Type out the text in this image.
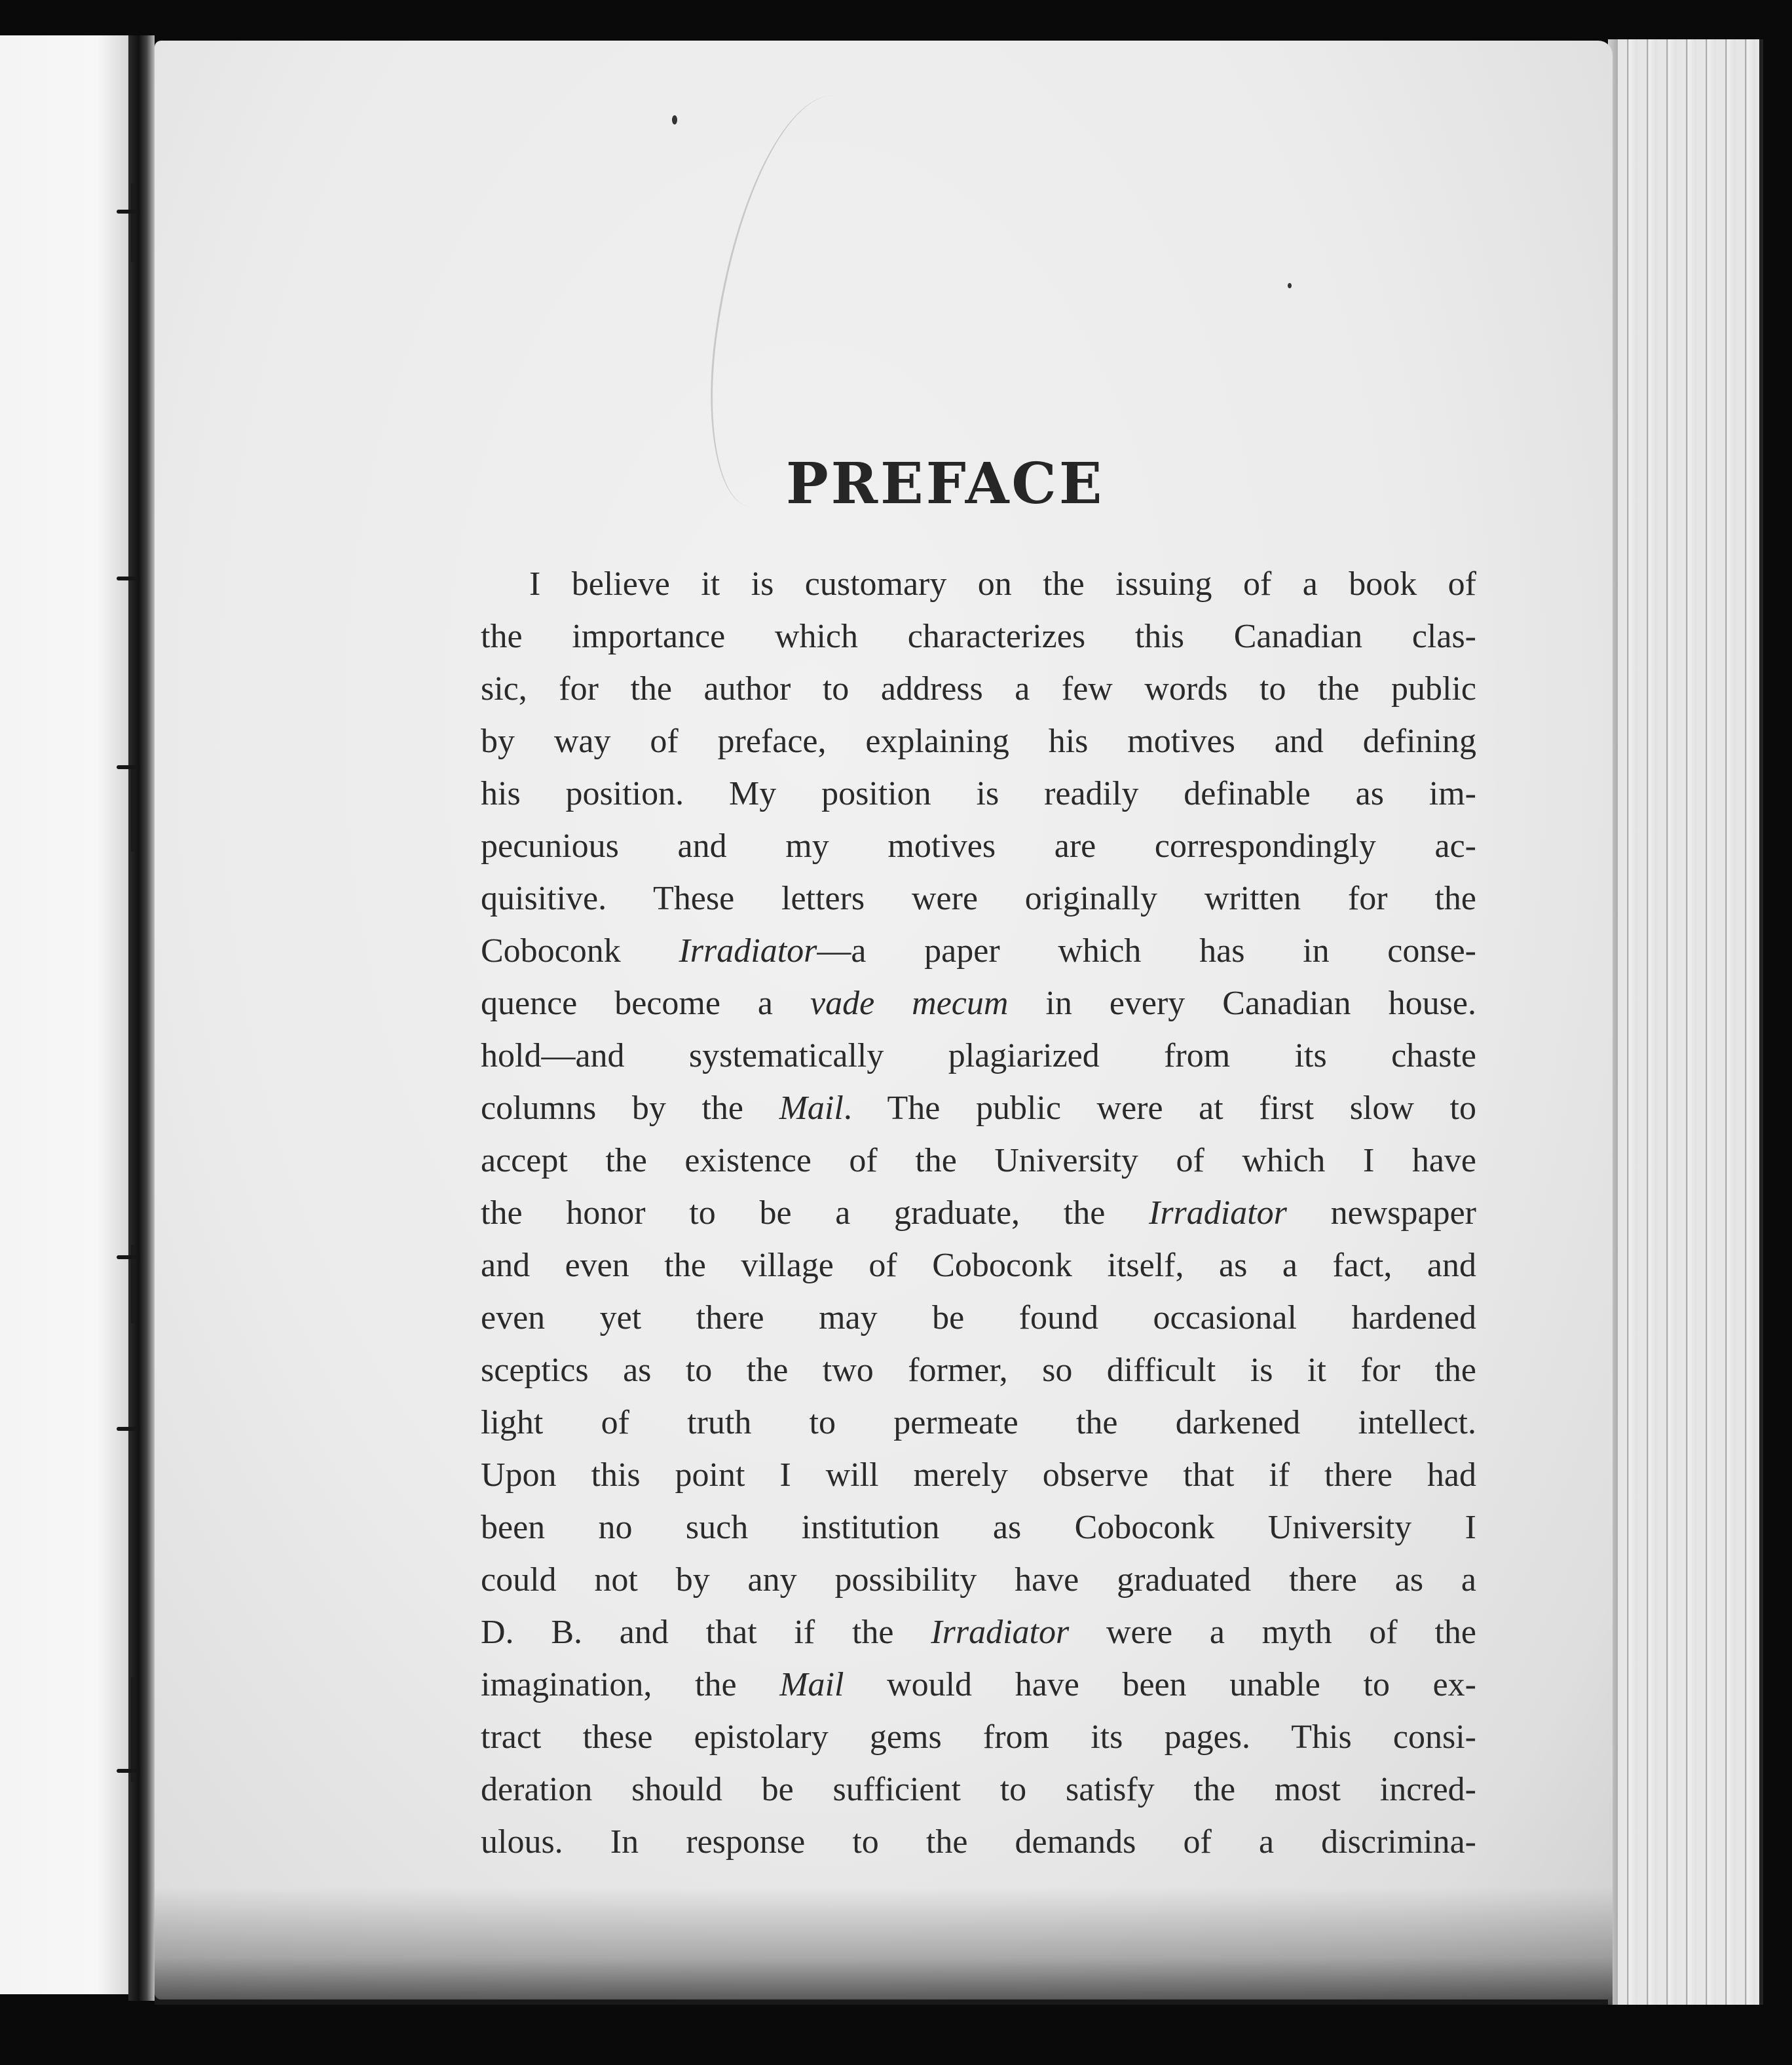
PREFACE
I believe it is customary on the issuing of a book of
the importance which characterizes this Canadian clas-
sic, for the author to address a few words to the public
by way of preface, explaining his motives and defining
his position. My position is readily definable as im-
pecunious and my motives are correspondingly ac-
quisitive. These letters were originally written for the
Coboconk Irradiator—a paper which has in conse-
quence become a vade mecum in every Canadian house.
hold—and systematically plagiarized from its chaste
columns by the Mail. The public were at first slow to
accept the existence of the University of which I have
the honor to be a graduate, the Irradiator newspaper
and even the village of Coboconk itself, as a fact, and
even yet there may be found occasional hardened
sceptics as to the two former, so difficult is it for the
light of truth to permeate the darkened intellect.
Upon this point I will merely observe that if there had
been no such institution as Coboconk University I
could not by any possibility have graduated there as a
D. B. and that if the Irradiator were a myth of the
imagination, the Mail would have been unable to ex-
tract these epistolary gems from its pages. This consi-
deration should be sufficient to satisfy the most incred-
ulous. In response to the demands of a discrimina-
